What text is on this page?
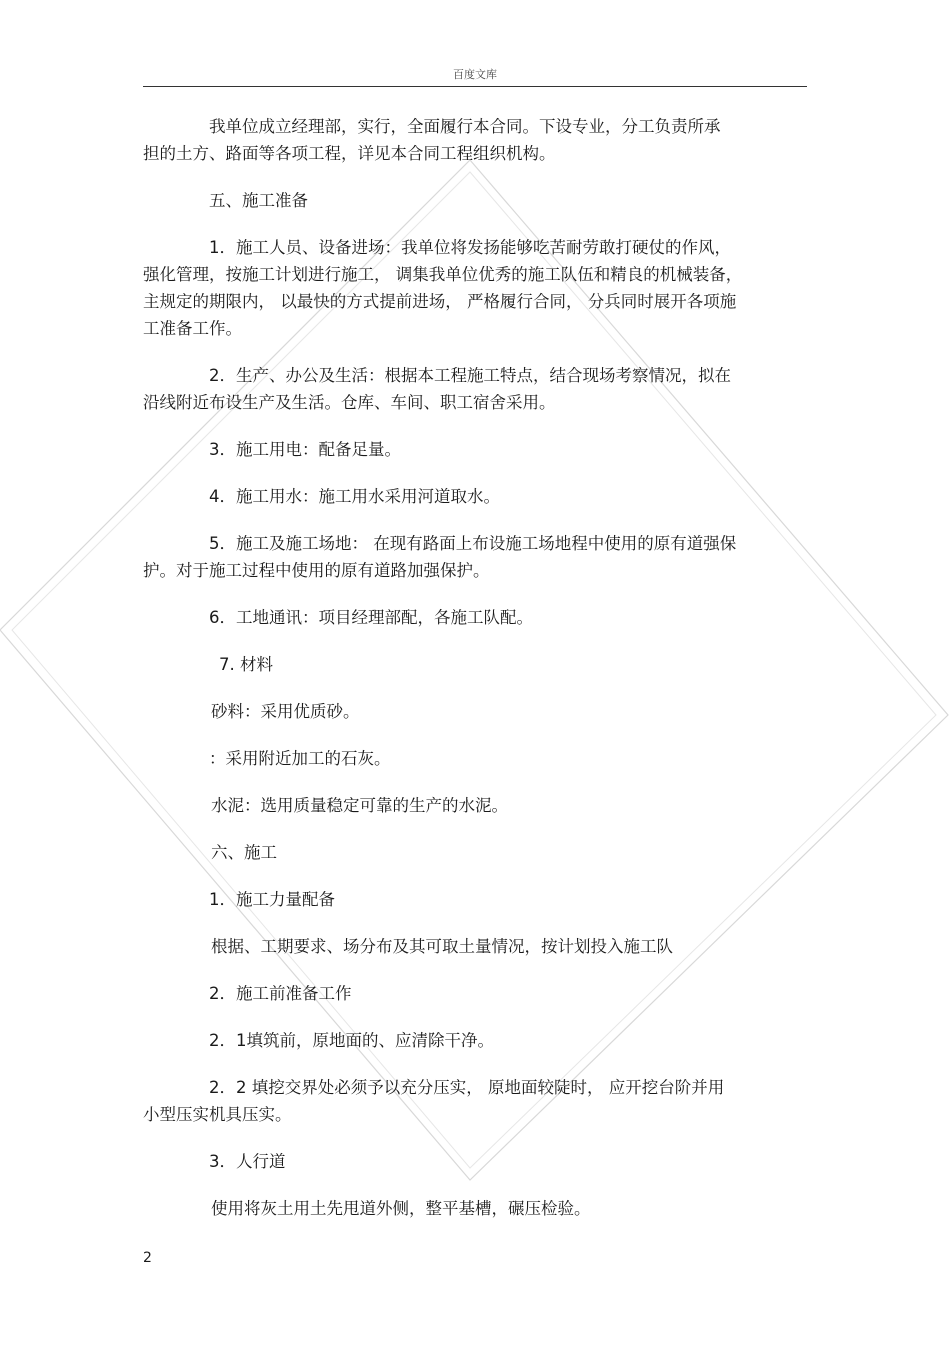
百度文库

我单位成立经理部，实行，全面履行本合同。下设专业，分工负责所承
担的土方、路面等各项工程，详见本合同工程组织机构。

五、施工准备

1．施工人员、设备进场：我单位将发扬能够吃苦耐劳敢打硬仗的作风，
强化管理，按施工计划进行施工， 调集我单位优秀的施工队伍和精良的机械装备，
主规定的期限内， 以最快的方式提前进场， 严格履行合同， 分兵同时展开各项施
工准备工作。

2．生产、办公及生活：根据本工程施工特点，结合现场考察情况，拟在
沿线附近布设生产及生活。仓库、车间、职工宿舍采用。

3．施工用电：配备足量。

4．施工用水：施工用水采用河道取水。

5．施工及施工场地： 在现有路面上布设施工场地程中使用的原有道强保
护。对于施工过程中使用的原有道路加强保护。

6．工地通讯：项目经理部配，各施工队配。

7. 材料

砂料：采用优质砂。

：采用附近加工的石灰。

水泥：选用质量稳定可靠的生产的水泥。

六、施工

1．施工力量配备

根据、工期要求、场分布及其可取土量情况，按计划投入施工队

2．施工前准备工作

2．1填筑前，原地面的、应清除干净。

2．2 填挖交界处必须予以充分压实， 原地面较陡时， 应开挖台阶并用
小型压实机具压实。

3．人行道

使用将灰土用土先甩道外侧，整平基槽，碾压检验。

2
